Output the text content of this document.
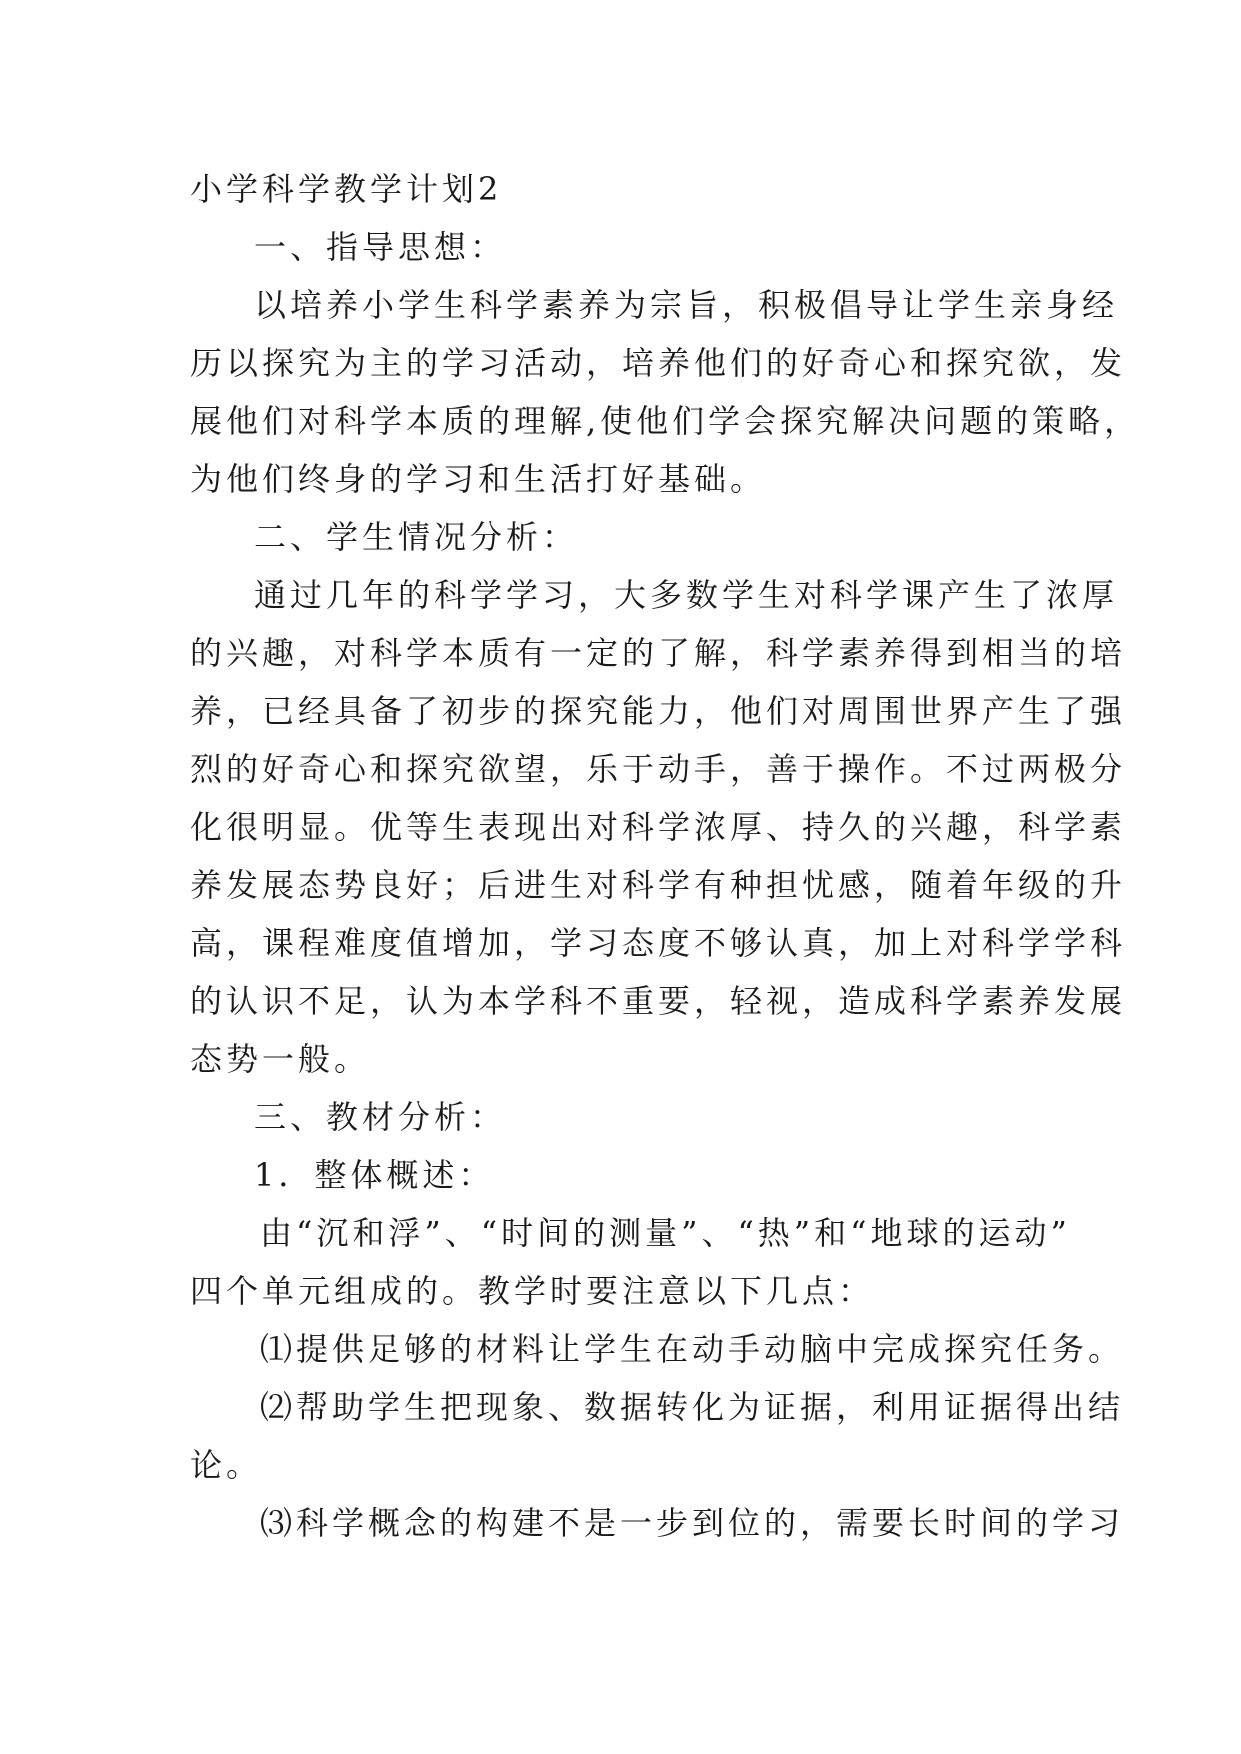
小学科学教学计划2

一、指导思想：

以培养小学生科学素养为宗旨，积极倡导让学生亲身经

历以探究为主的学习活动，培养他们的好奇心和探究欲，发

展他们对科学本质的理解,使他们学会探究解决问题的策略，

为他们终身的学习和生活打好基础。

二、学生情况分析：

通过几年的科学学习，大多数学生对科学课产生了浓厚

的兴趣，对科学本质有一定的了解，科学素养得到相当的培

养，已经具备了初步的探究能力，他们对周围世界产生了强

烈的好奇心和探究欲望，乐于动手，善于操作。不过两极分

化很明显。优等生表现出对科学浓厚、持久的兴趣，科学素

养发展态势良好；后进生对科学有种担忧感，随着年级的升

高，课程难度值增加，学习态度不够认真，加上对科学学科

的认识不足，认为本学科不重要，轻视，造成科学素养发展

态势一般。

三、教材分析：

1．整体概述：

由“沉和浮”、“时间的测量”、“热”和“地球的运动”

四个单元组成的。教学时要注意以下几点：

⑴提供足够的材料让学生在动手动脑中完成探究任务。

⑵帮助学生把现象、数据转化为证据，利用证据得出结

论。

⑶科学概念的构建不是一步到位的，需要长时间的学习
